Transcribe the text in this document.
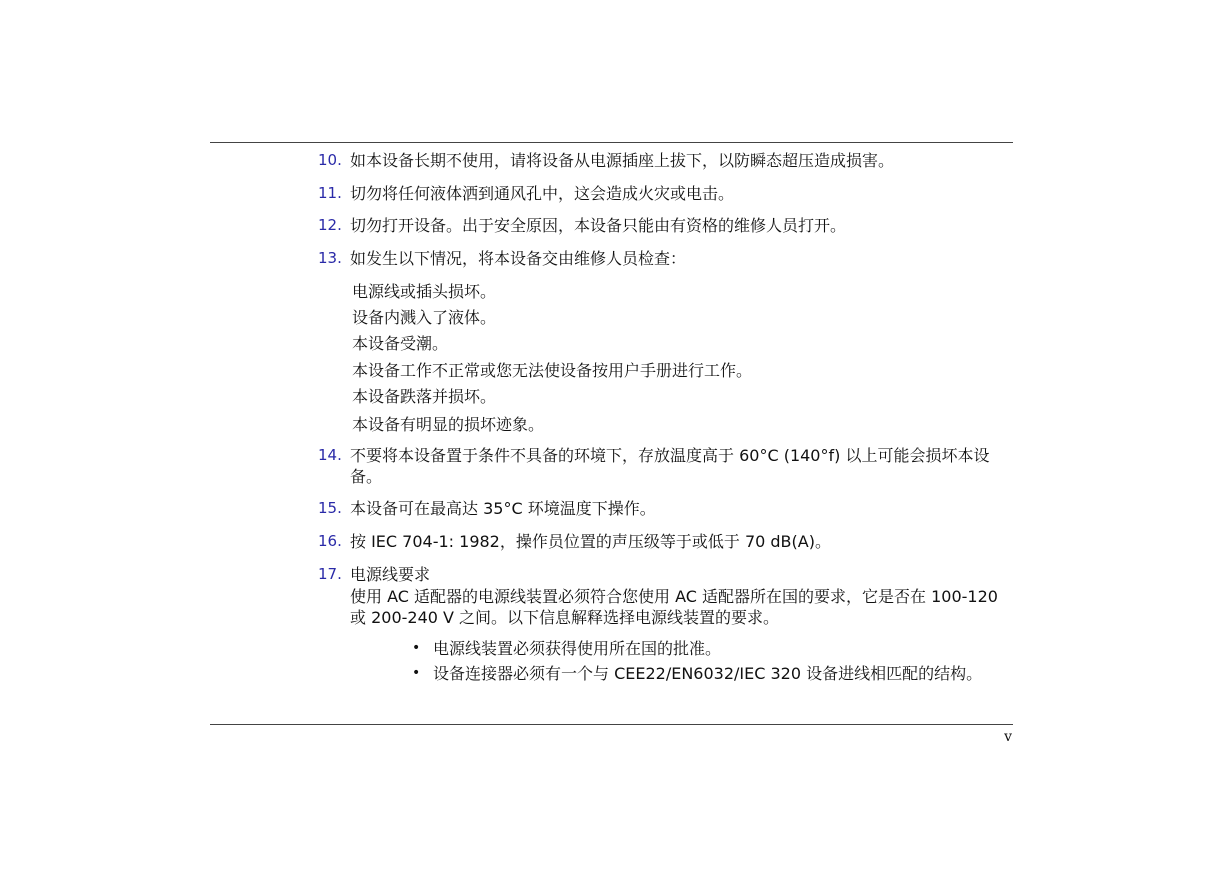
10. 如本设备长期不使用，请将设备从电源插座上拔下，以防瞬态超压造成损害。
11. 切勿将任何液体洒到通风孔中，这会造成火灾或电击。
12. 切勿打开设备。出于安全原因，本设备只能由有资格的维修人员打开。
13. 如发生以下情况，将本设备交由维修人员检查：
电源线或插头损坏。
设备内溅入了液体。
本设备受潮。
本设备工作不正常或您无法使设备按用户手册进行工作。
本设备跌落并损坏。
本设备有明显的损坏迹象。
14. 不要将本设备置于条件不具备的环境下，存放温度高于 60°C (140°f) 以上可能会损坏本设备。
15. 本设备可在最高达 35°C 环境温度下操作。
16. 按 IEC 704-1: 1982，操作员位置的声压级等于或低于 70 dB(A)。
17. 电源线要求
使用 AC 适配器的电源线装置必须符合您使用 AC 适配器所在国的要求，它是否在 100-120 或 200-240 V 之间。以下信息解释选择电源线装置的要求。
• 电源线装置必须获得使用所在国的批准。
• 设备连接器必须有一个与 CEE22/EN6032/IEC 320 设备进线相匹配的结构。
v
